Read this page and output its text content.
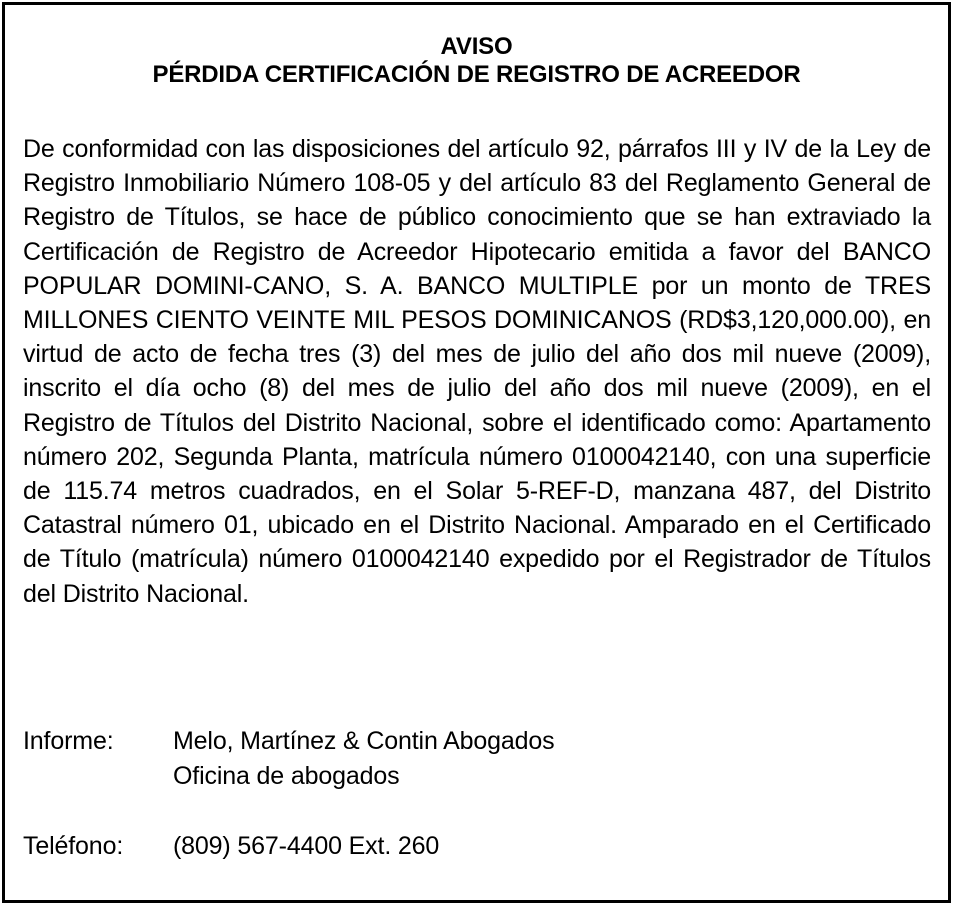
AVISO
PÉRDIDA CERTIFICACIÓN DE REGISTRO DE ACREEDOR
De conformidad con las disposiciones del artículo 92, párrafos III y IV de la Ley de Registro Inmobiliario Número 108-05 y del artículo 83 del Reglamento General de Registro de Títulos, se hace de público conocimiento que se han extraviado la Certificación de Registro de Acreedor Hipotecario emitida a favor del BANCO POPULAR DOMINI-CANO, S. A. BANCO MULTIPLE por un monto de TRES MILLONES CIENTO VEINTE MIL PESOS DOMINICANOS (RD$3,120,000.00), en virtud de acto de fecha tres (3) del mes de julio del año dos mil nueve (2009), inscrito el día ocho (8) del mes de julio del año dos mil nueve (2009), en el Registro de Títulos del Distrito Nacional, sobre el identificado como: Apartamento número 202, Segunda Planta, matrícula número 0100042140, con una superficie de 115.74 metros cuadrados, en el Solar 5-REF-D, manzana 487, del Distrito Catastral número 01, ubicado en el Distrito Nacional. Amparado en el Certificado de Título (matrícula) número 0100042140 expedido por el Registrador de Títulos del Distrito Nacional.
Informe: Melo, Martínez & Contin Abogados
Oficina de abogados
Teléfono: (809) 567-4400 Ext. 260
